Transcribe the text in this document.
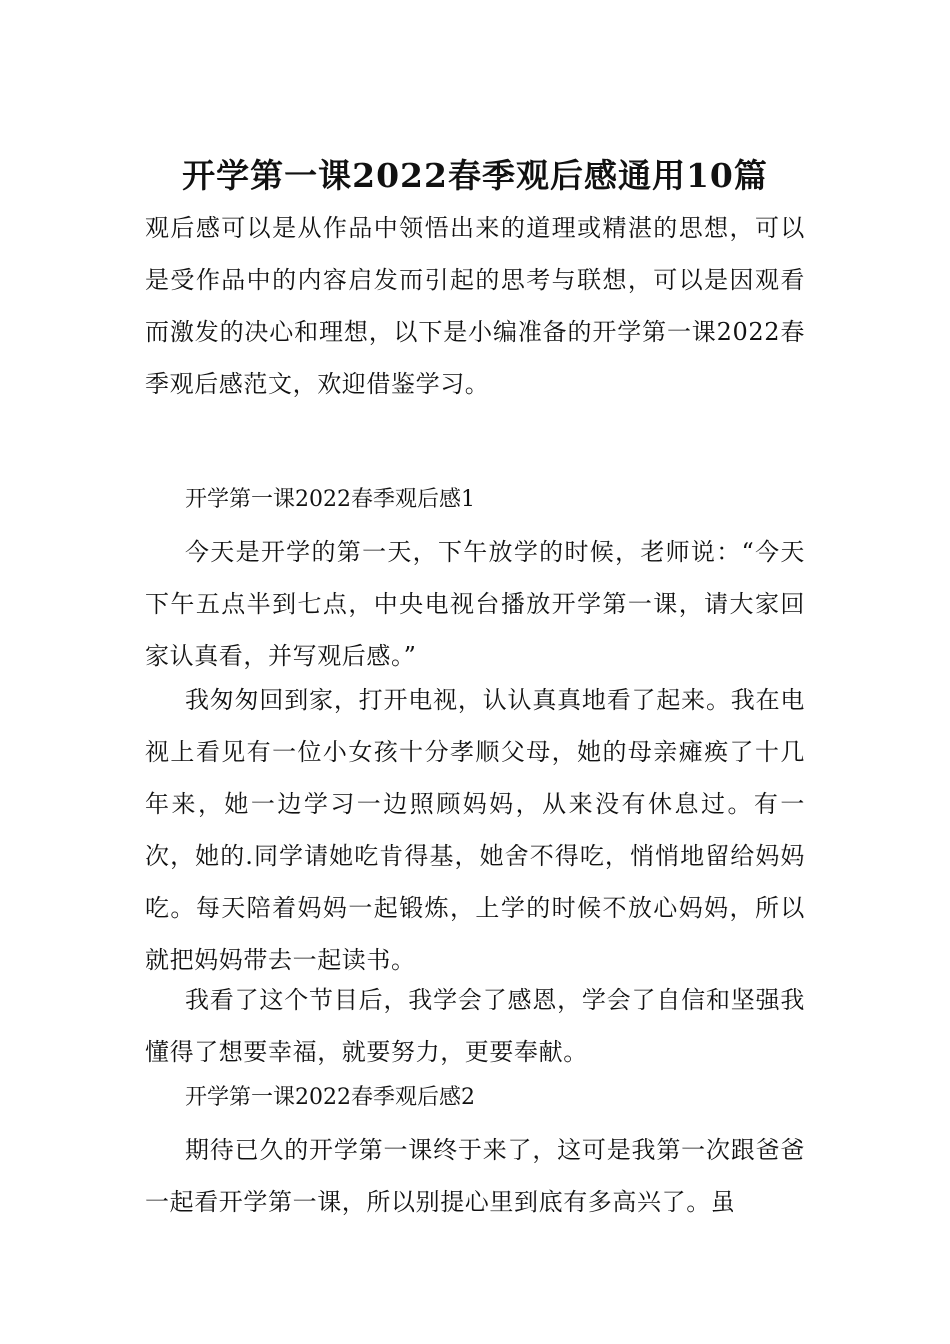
开学第一课2022春季观后感通用10篇

观后感可以是从作品中领悟出来的道理或精湛的思想，可以是受作品中的内容启发而引起的思考与联想，可以是因观看而激发的决心和理想，以下是小编准备的开学第一课2022春季观后感范文，欢迎借鉴学习。

开学第一课2022春季观后感1

今天是开学的第一天，下午放学的时候，老师说：“今天下午五点半到七点，中央电视台播放开学第一课，请大家回家认真看，并写观后感。”

我匆匆回到家，打开电视，认认真真地看了起来。我在电视上看见有一位小女孩十分孝顺父母，她的母亲瘫痪了十几年来，她一边学习一边照顾妈妈，从来没有休息过。有一次，她的.同学请她吃肯得基，她舍不得吃，悄悄地留给妈妈吃。每天陪着妈妈一起锻炼，上学的时候不放心妈妈，所以就把妈妈带去一起读书。

我看了这个节目后，我学会了感恩，学会了自信和坚强我懂得了想要幸福，就要努力，更要奉献。

开学第一课2022春季观后感2

期待已久的开学第一课终于来了，这可是我第一次跟爸爸一起看开学第一课，所以别提心里到底有多高兴了。虽
